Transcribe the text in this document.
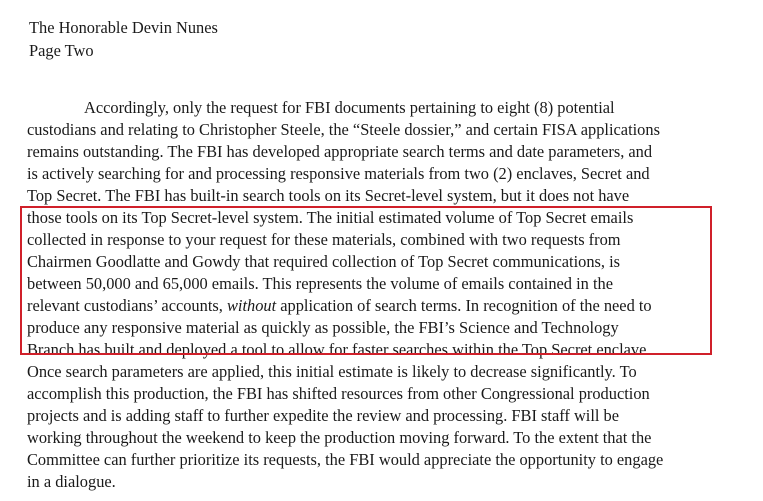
The Honorable Devin Nunes
Page Two
Accordingly, only the request for FBI documents pertaining to eight (8) potential
custodians and relating to Christopher Steele, the “Steele dossier,” and certain FISA applications
remains outstanding. The FBI has developed appropriate search terms and date parameters, and
is actively searching for and processing responsive materials from two (2) enclaves, Secret and
Top Secret. The FBI has built-in search tools on its Secret-level system, but it does not have
those tools on its Top Secret-level system. The initial estimated volume of Top Secret emails
collected in response to your request for these materials, combined with two requests from
Chairmen Goodlatte and Gowdy that required collection of Top Secret communications, is
between 50,000 and 65,000 emails. This represents the volume of emails contained in the
relevant custodians’ accounts, without application of search terms. In recognition of the need to
produce any responsive material as quickly as possible, the FBI’s Science and Technology
Branch has built and deployed a tool to allow for faster searches within the Top Secret enclave.
Once search parameters are applied, this initial estimate is likely to decrease significantly. To
accomplish this production, the FBI has shifted resources from other Congressional production
projects and is adding staff to further expedite the review and processing. FBI staff will be
working throughout the weekend to keep the production moving forward. To the extent that the
Committee can further prioritize its requests, the FBI would appreciate the opportunity to engage
in a dialogue.
